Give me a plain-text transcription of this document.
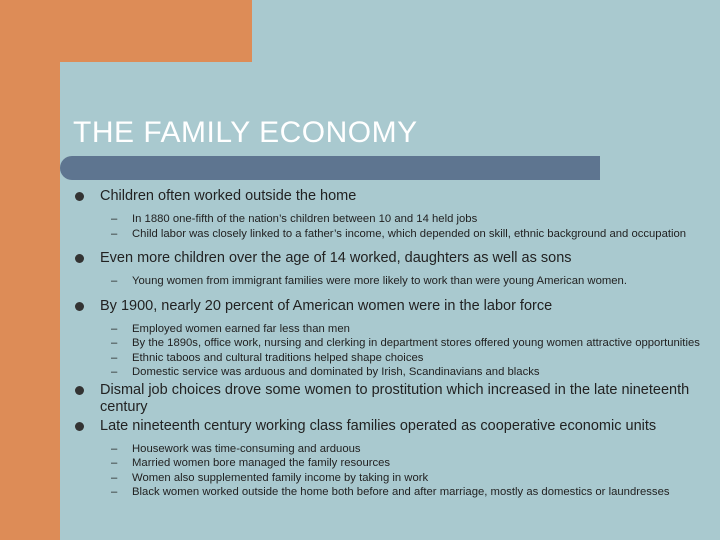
THE FAMILY ECONOMY
Children often worked outside the home
– In 1880 one-fifth of the nation’s children between 10 and 14 held jobs
– Child labor was closely linked to a father’s income, which depended on skill, ethnic background and occupation
Even more children over the age of 14 worked, daughters as well as sons
– Young women from immigrant families were more likely to work than were young American women.
By 1900, nearly 20 percent of American women were in the labor force
– Employed women earned far less than men
– By the 1890s, office work, nursing and clerking in department stores offered young women attractive opportunities
– Ethnic taboos and cultural traditions helped shape choices
– Domestic service was arduous and dominated by Irish, Scandinavians and blacks
Dismal job choices drove some women to prostitution which increased in the late nineteenth century
Late nineteenth century working class families operated as cooperative economic units
– Housework was time-consuming and arduous
– Married women bore managed the family resources
– Women also supplemented family income by taking in work
– Black women worked outside the home both before and after marriage, mostly as domestics or laundresses
